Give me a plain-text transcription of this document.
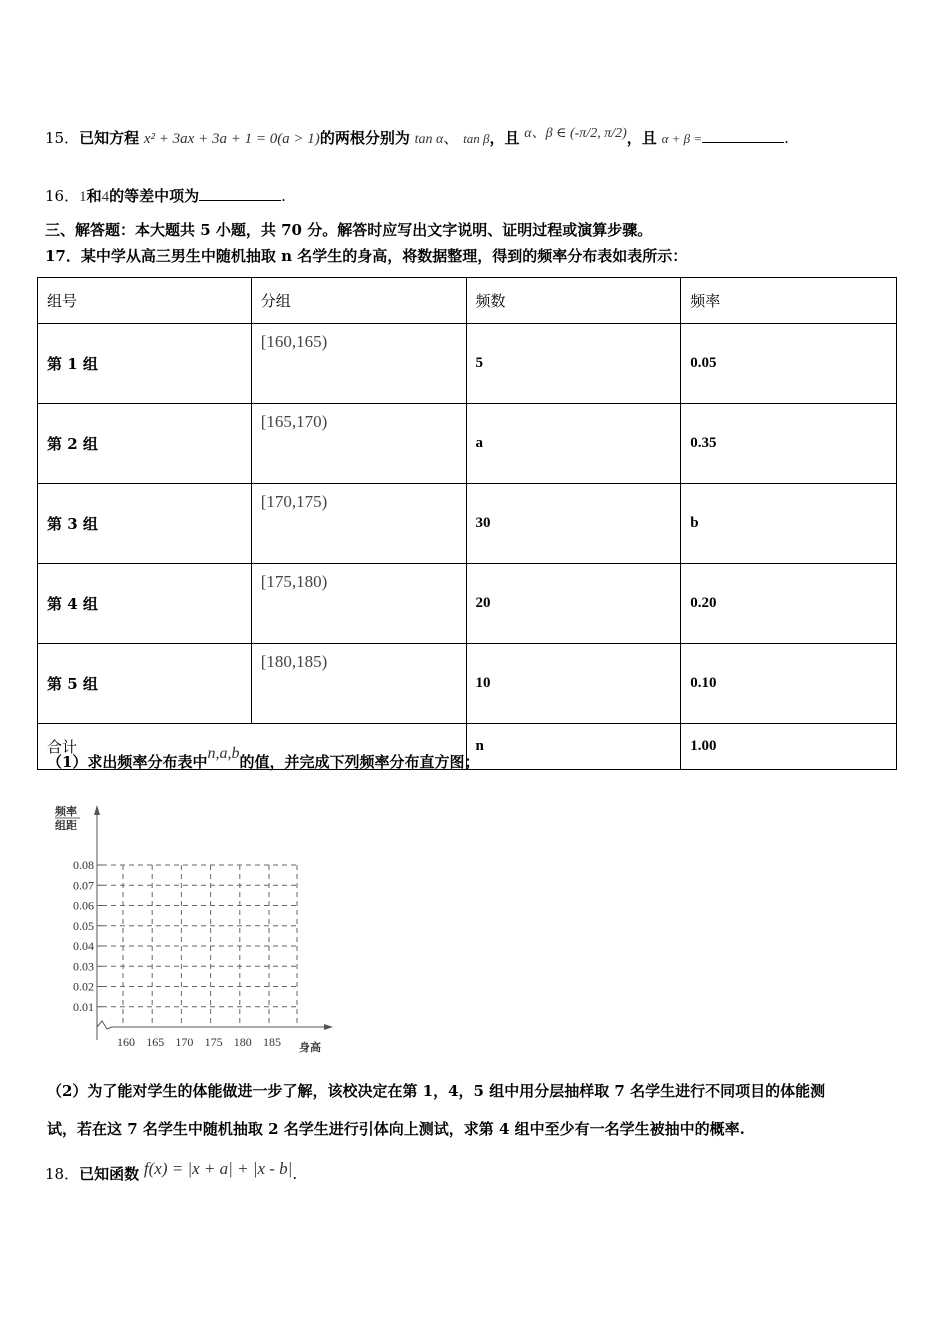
15．已知方程 x² + 3ax + 3a + 1 = 0(a > 1)的两根分别为 tan α、 tan β，且 α、β ∈ (-π/2, π/2)，且 α + β =	.
16．1和4的等差中项为	.
三、解答题：本大题共 5 小题，共 70 分。解答时应写出文字说明、证明过程或演算步骤。
17．某中学从高三男生中随机抽取 n 名学生的身高，将数据整理，得到的频率分布表如表所示：
组号	分组	频数	频率
第 1 组	[160,165)	5	0.05
第 2 组	[165,170)	a	0.35
第 3 组	[170,175)	30	b
第 4 组	[175,180)	20	0.20
第 5 组	[180,185)	10	0.10
合计		n	1.00
（1）求出频率分布表中n,a,b的值，并完成下列频率分布直方图；
0.01
0.02
0.03
0.04
0.05
0.06
0.07
0.08
160 165 170 175 180 185
频率
组距
身高
（2）为了能对学生的体能做进一步了解，该校决定在第 1，4，5 组中用分层抽样取 7 名学生进行不同项目的体能测
试，若在这 7 名学生中随机抽取 2 名学生进行引体向上测试，求第 4 组中至少有一名学生被抽中的概率.
18．已知函数 f(x) = |x + a| + |x - b|.
